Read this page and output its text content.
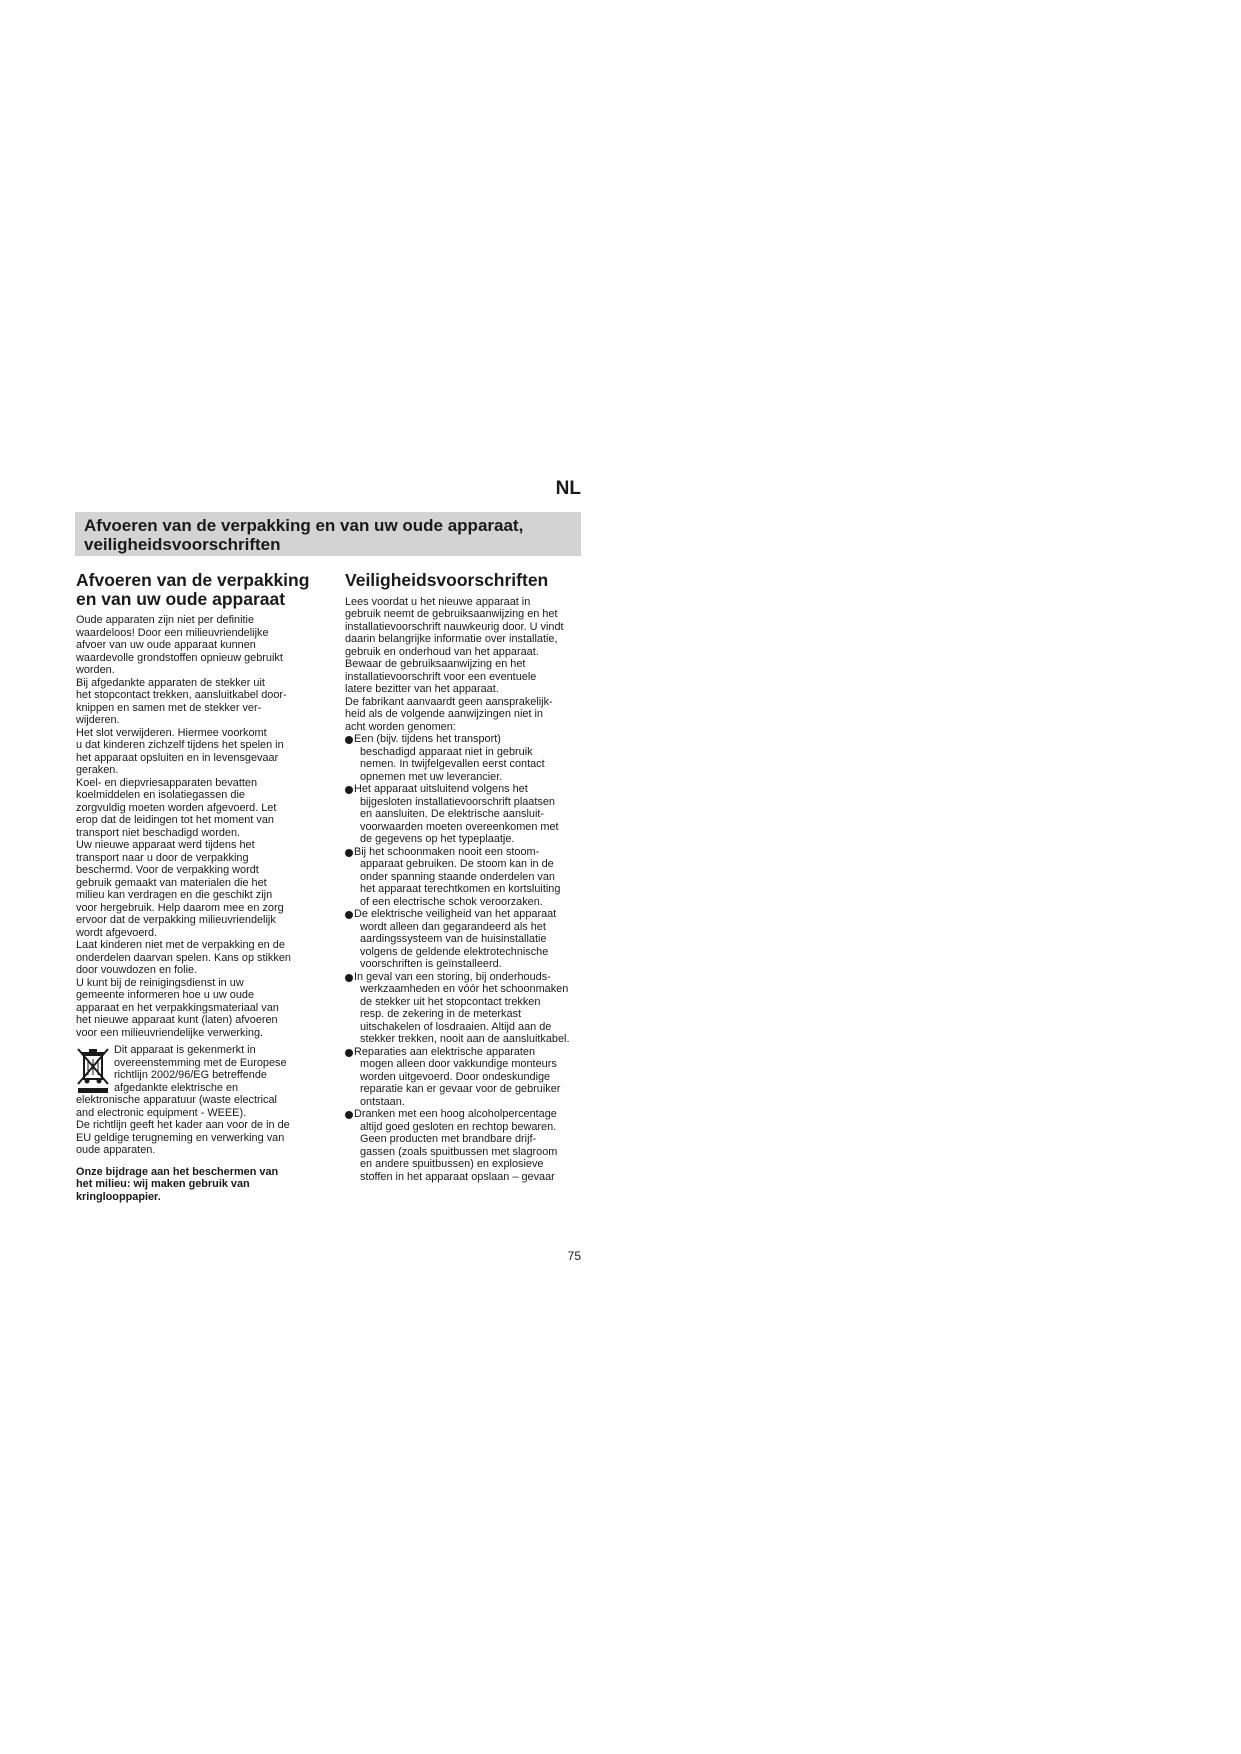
NL
Afvoeren van de verpakking en van uw oude apparaat,
veiligheidsvoorschriften
Afvoeren van de verpakking
en van uw oude apparaat
Oude apparaten zijn niet per definitie
waardeloos! Door een milieuvriendelijke
afvoer van uw oude apparaat kunnen
waardevolle grondstoffen opnieuw gebruikt
worden.
Bij afgedankte apparaten de stekker uit
het stopcontact trekken, aansluitkabel door-
knippen en samen met de stekker ver-
wijderen.
Het slot verwijderen. Hiermee voorkomt
u dat kinderen zichzelf tijdens het spelen in
het apparaat opsluiten en in levensgevaar
geraken.
Koel- en diepvriesapparaten bevatten
koelmiddelen en isolatiegassen die
zorgvuldig moeten worden afgevoerd. Let
erop dat de leidingen tot het moment van
transport niet beschadigd worden.
Uw nieuwe apparaat werd tijdens het
transport naar u door de verpakking
beschermd. Voor de verpakking wordt
gebruik gemaakt van materialen die het
milieu kan verdragen en die geschikt zijn
voor hergebruik. Help daarom mee en zorg
ervoor dat de verpakking milieuvriendelijk
wordt afgevoerd.
Laat kinderen niet met de verpakking en de
onderdelen daarvan spelen. Kans op stikken
door vouwdozen en folie.
U kunt bij de reinigingsdienst in uw
gemeente informeren hoe u uw oude
apparaat en het verpakkingsmateriaal van
het nieuwe apparaat kunt (laten) afvoeren
voor een milieuvriendelijke verwerking.
Dit apparaat is gekenmerkt in
overeenstemming met de Europese
richtlijn 2002/96/EG betreffende
afgedankte elektrische en
elektronische apparatuur (waste electrical
and electronic equipment - WEEE).
De richtlijn geeft het kader aan voor de in de
EU geldige terugneming en verwerking van
oude apparaten.
Onze bijdrage aan het beschermen van
het milieu: wij maken gebruik van
kringlooppapier.
Veiligheidsvoorschriften
Lees voordat u het nieuwe apparaat in
gebruik neemt de gebruiksaanwijzing en het
installatievoorschrift nauwkeurig door. U vindt
daarin belangrijke informatie over installatie,
gebruik en onderhoud van het apparaat.
Bewaar de gebruiksaanwijzing en het
installatievoorschrift voor een eventuele
latere bezitter van het apparaat.
De fabrikant aanvaardt geen aansprakelijk-
heid als de volgende aanwijzingen niet in
acht worden genomen:
Een (bijv. tijdens het transport)
beschadigd apparaat niet in gebruik
nemen. In twijfelgevallen eerst contact
opnemen met uw leverancier.
Het apparaat uitsluitend volgens het
bijgesloten installatievoorschrift plaatsen
en aansluiten. De elektrische aansluit-
voorwaarden moeten overeenkomen met
de gegevens op het typeplaatje.
Bij het schoonmaken nooit een stoom-
apparaat gebruiken. De stoom kan in de
onder spanning staande onderdelen van
het apparaat terechtkomen en kortsluiting
of een electrische schok veroorzaken.
De elektrische veiligheid van het apparaat
wordt alleen dan gegarandeerd als het
aardingssysteem van de huisinstallatie
volgens de geldende elektrotechnische
voorschriften is geïnstalleerd.
In geval van een storing, bij onderhouds-
werkzaamheden en vóór het schoonmaken
de stekker uit het stopcontact trekken
resp. de zekering in de meterkast
uitschakelen of losdraaien. Altijd aan de
stekker trekken, nooit aan de aansluitkabel.
Reparaties aan elektrische apparaten
mogen alleen door vakkundige monteurs
worden uitgevoerd. Door ondeskundige
reparatie kan er gevaar voor de gebruiker
ontstaan.
Dranken met een hoog alcoholpercentage
altijd goed gesloten en rechtop bewaren.
Geen producten met brandbare drijf-
gassen (zoals spuitbussen met slagroom
en andere spuitbussen) en explosieve
stoffen in het apparaat opslaan – gevaar
75
